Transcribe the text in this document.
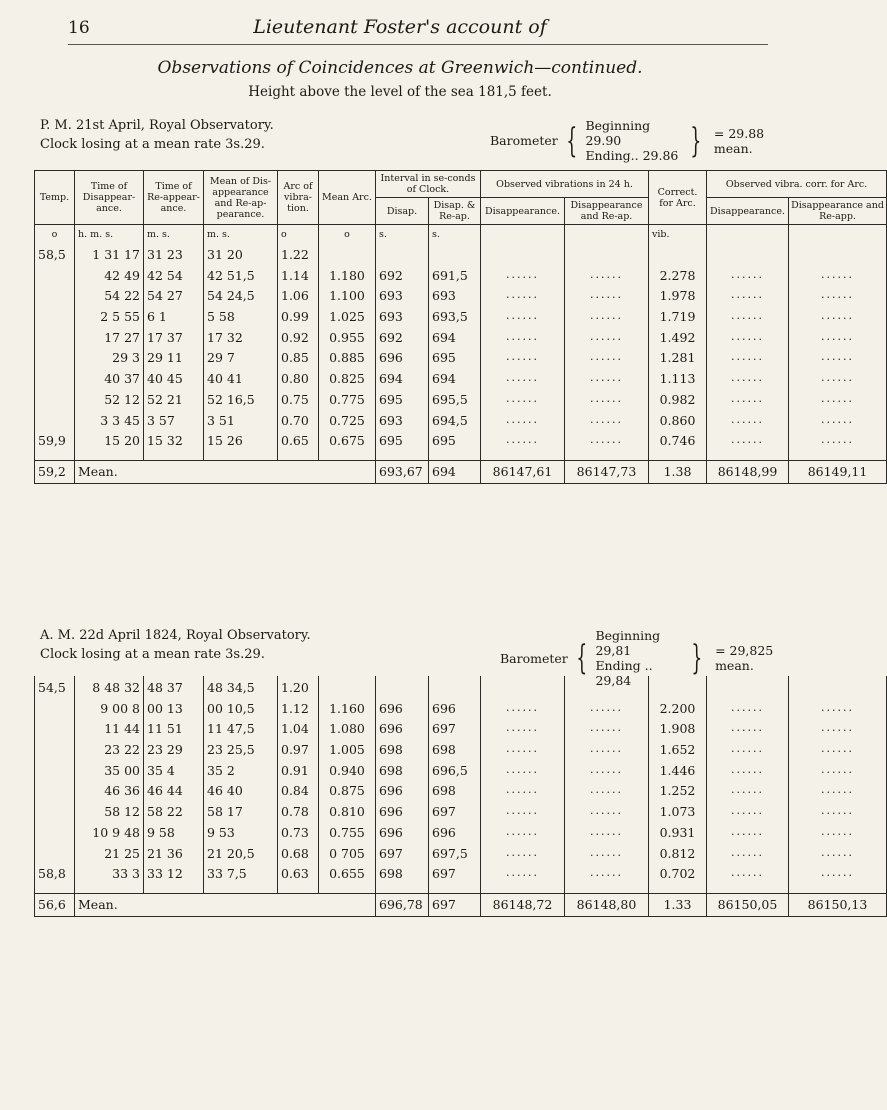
16	Lieutenant Foster's account of
Observations of Coincidences at Greenwich—continued.
Height above the level of the sea 181,5 feet.
P. M. 21st April, Royal Observatory.
Clock losing at a mean rate 3s.29.	Barometer { Beginning 29.90
Ending.. 29.86 } = 29.88 mean.
Temp.	Time of Disappear-ance.	Time of Re-appear-ance.	Mean of Dis-appearance and Re-ap-pearance.	Arc of vibra-tion.	Mean Arc.	Interval in se-conds of Clock.		Observed vibrations in 24 h.		Correct. for Arc.	Observed vibra. corr. for Arc.	
						Disap.	Disap. & Re-ap.	Disappearance.	Disappearance and Re-ap.		Disappearance.	Disappearance and Re-app.
o	h. m. s.	m. s.	m. s.	o	o	s.	s.			vib.		
58,5	1 31 17	31 23	31 20	1.22								
	42 49	42 54	42 51,5	1.14	1.180	692	691,5	......	......	2.278	......	......
	54 22	54 27	54 24,5	1.06	1.100	693	693	......	......	1.978	......	......
	2 5 55	6 1	5 58	0.99	1.025	693	693,5	......	......	1.719	......	......
	17 27	17 37	17 32	0.92	0.955	692	694	......	......	1.492	......	......
	29 3	29 11	29 7	0.85	0.885	696	695	......	......	1.281	......	......
	40 37	40 45	40 41	0.80	0.825	694	694	......	......	1.113	......	......
	52 12	52 21	52 16,5	0.75	0.775	695	695,5	......	......	0.982	......	......
	3 3 45	3 57	3 51	0.70	0.725	693	694,5	......	......	0.860	......	......
59,9	15 20	15 32	15 26	0.65	0.675	695	695	......	......	0.746	......	......
59,2	Mean.					693,67	694	86147,61	86147,73	1.38	86148,99	86149,11
A. M. 22d April 1824, Royal Observatory.
Clock losing at a mean rate 3s.29.	Barometer {
Beginning 29,81
Ending .. 29,84
} = 29,825 mean.
54,5	8 48 32	48 37	48 34,5	1.20								
	9 00 8	00 13	00 10,5	1.12	1.160	696	696	......	......	2.200	......	......
	11 44	11 51	11 47,5	1.04	1.080	696	697	......	......	1.908	......	......
	23 22	23 29	23 25,5	0.97	1.005	698	698	......	......	1.652	......	......
	35 00	35 4	35 2	0.91	0.940	698	696,5	......	......	1.446	......	......
	46 36	46 44	46 40	0.84	0.875	696	698	......	......	1.252	......	......
	58 12	58 22	58 17	0.78	0.810	696	697	......	......	1.073	......	......
	10 9 48	9 58	9 53	0.73	0.755	696	696	......	......	0.931	......	......
	21 25	21 36	21 20,5	0.68	0 705	697	697,5	......	......	0.812	......	......
58,8	33 3	33 12	33 7,5	0.63	0.655	698	697	......	......	0.702	......	......
56,6	Mean.					696,78	697	86148,72	86148,80	1.33	86150,05	86150,13
